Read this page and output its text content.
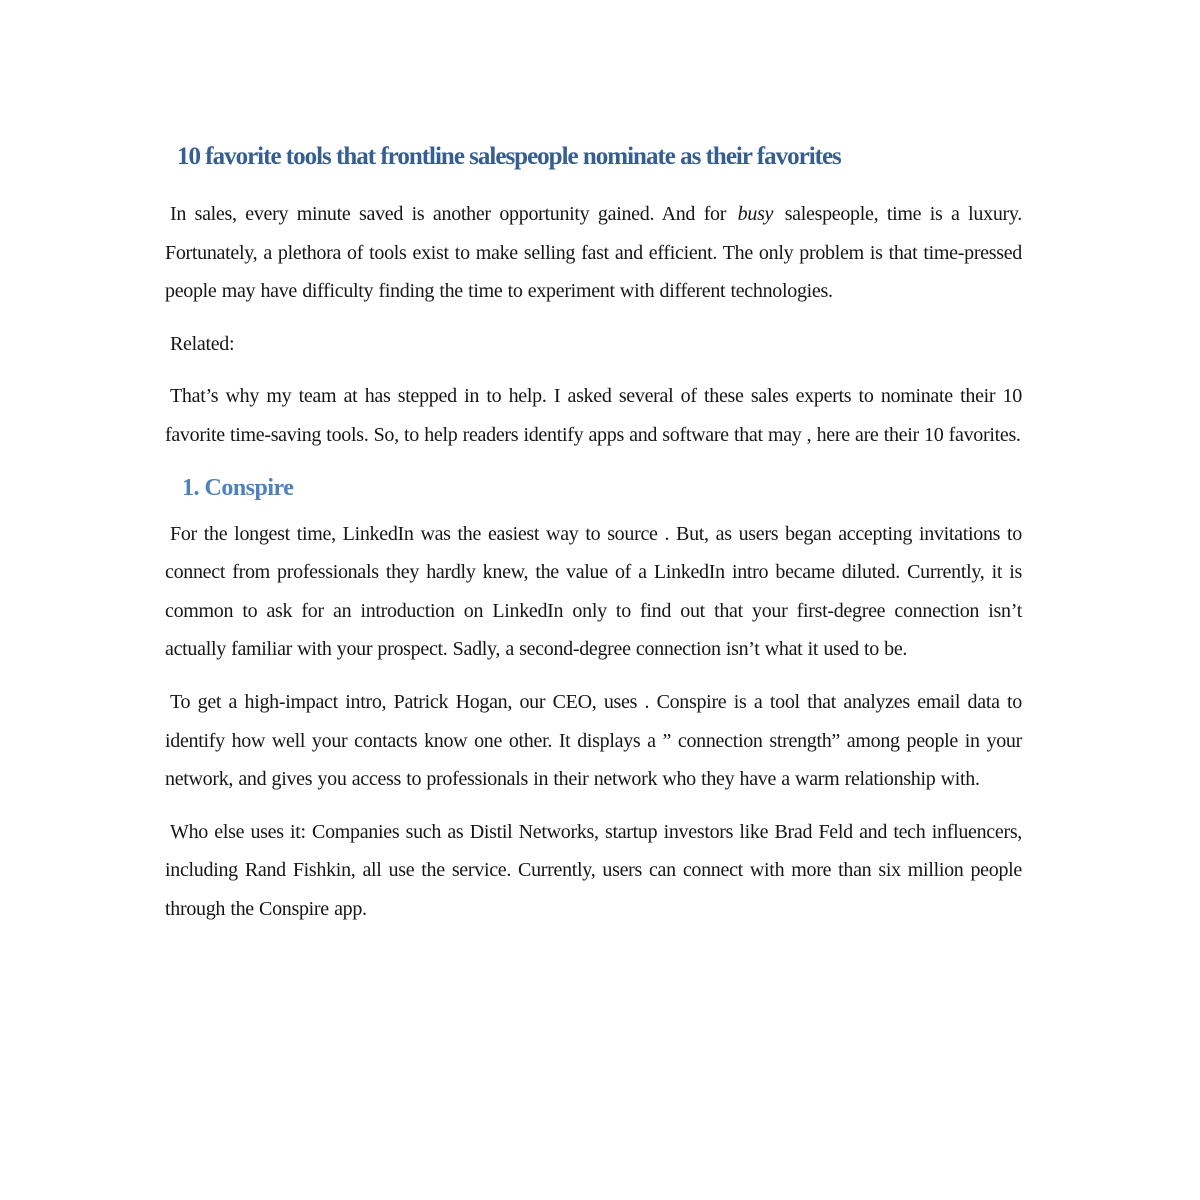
10 favorite tools that frontline salespeople nominate as their favorites

In sales, every minute saved is another opportunity gained. And for busy salespeople, time is a luxury. Fortunately, a plethora of tools exist to make selling fast and efficient. The only problem is that time-pressed people may have difficulty finding the time to experiment with different technologies.

Related:

That’s why my team at has stepped in to help. I asked several of these sales experts to nominate their 10 favorite time-saving tools. So, to help readers identify apps and software that may , here are their 10 favorites.

1. Conspire

For the longest time, LinkedIn was the easiest way to source . But, as users began accepting invitations to connect from professionals they hardly knew, the value of a LinkedIn intro became diluted. Currently, it is common to ask for an introduction on LinkedIn only to find out that your first-degree connection isn’t actually familiar with your prospect. Sadly, a second-degree connection isn’t what it used to be.

To get a high-impact intro, Patrick Hogan, our CEO, uses . Conspire is a tool that analyzes email data to identify how well your contacts know one other. It displays a ” connection strength” among people in your network, and gives you access to professionals in their network who they have a warm relationship with.

Who else uses it: Companies such as Distil Networks, startup investors like Brad Feld and tech influencers, including Rand Fishkin, all use the service. Currently, users can connect with more than six million people through the Conspire app.
